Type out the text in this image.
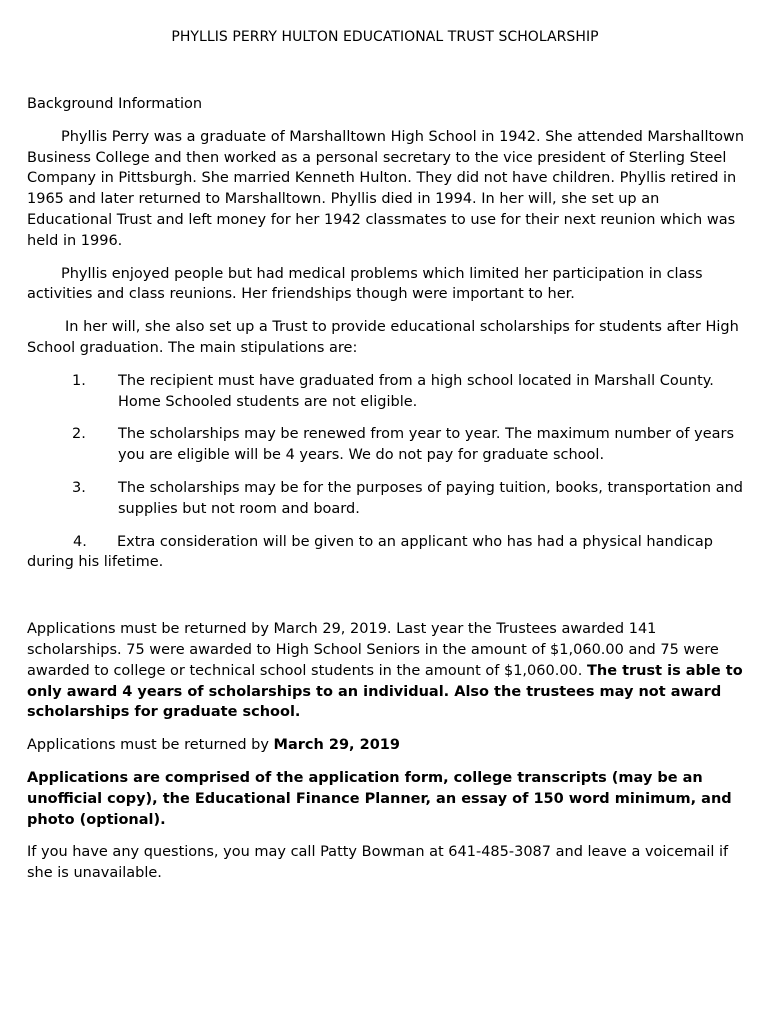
PHYLLIS PERRY HULTON EDUCATIONAL TRUST SCHOLARSHIP

Background Information

Phyllis Perry was a graduate of Marshalltown High School in 1942. She attended Marshalltown Business College and then worked as a personal secretary to the vice president of Sterling Steel Company in Pittsburgh. She married Kenneth Hulton. They did not have children. Phyllis retired in 1965 and later returned to Marshalltown. Phyllis died in 1994. In her will, she set up an Educational Trust and left money for her 1942 classmates to use for their next reunion which was held in 1996.

Phyllis enjoyed people but had medical problems which limited her participation in class activities and class reunions. Her friendships though were important to her.

In her will, she also set up a Trust to provide educational scholarships for students after High School graduation. The main stipulations are:

1. The recipient must have graduated from a high school located in Marshall County. Home Schooled students are not eligible.
2. The scholarships may be renewed from year to year. The maximum number of years you are eligible will be 4 years. We do not pay for graduate school.
3. The scholarships may be for the purposes of paying tuition, books, transportation and supplies but not room and board.

4. Extra consideration will be given to an applicant who has had a physical handicap during his lifetime.

Applications must be returned by March 29, 2019. Last year the Trustees awarded 141 scholarships. 75 were awarded to High School Seniors in the amount of $1,060.00 and 75 were awarded to college or technical school students in the amount of $1,060.00. The trust is able to only award 4 years of scholarships to an individual. Also the trustees may not award scholarships for graduate school.

Applications must be returned by March 29, 2019

Applications are comprised of the application form, college transcripts (may be an unofficial copy), the Educational Finance Planner, an essay of 150 word minimum, and photo (optional).

If you have any questions, you may call Patty Bowman at 641-485-3087 and leave a voicemail if she is unavailable.
